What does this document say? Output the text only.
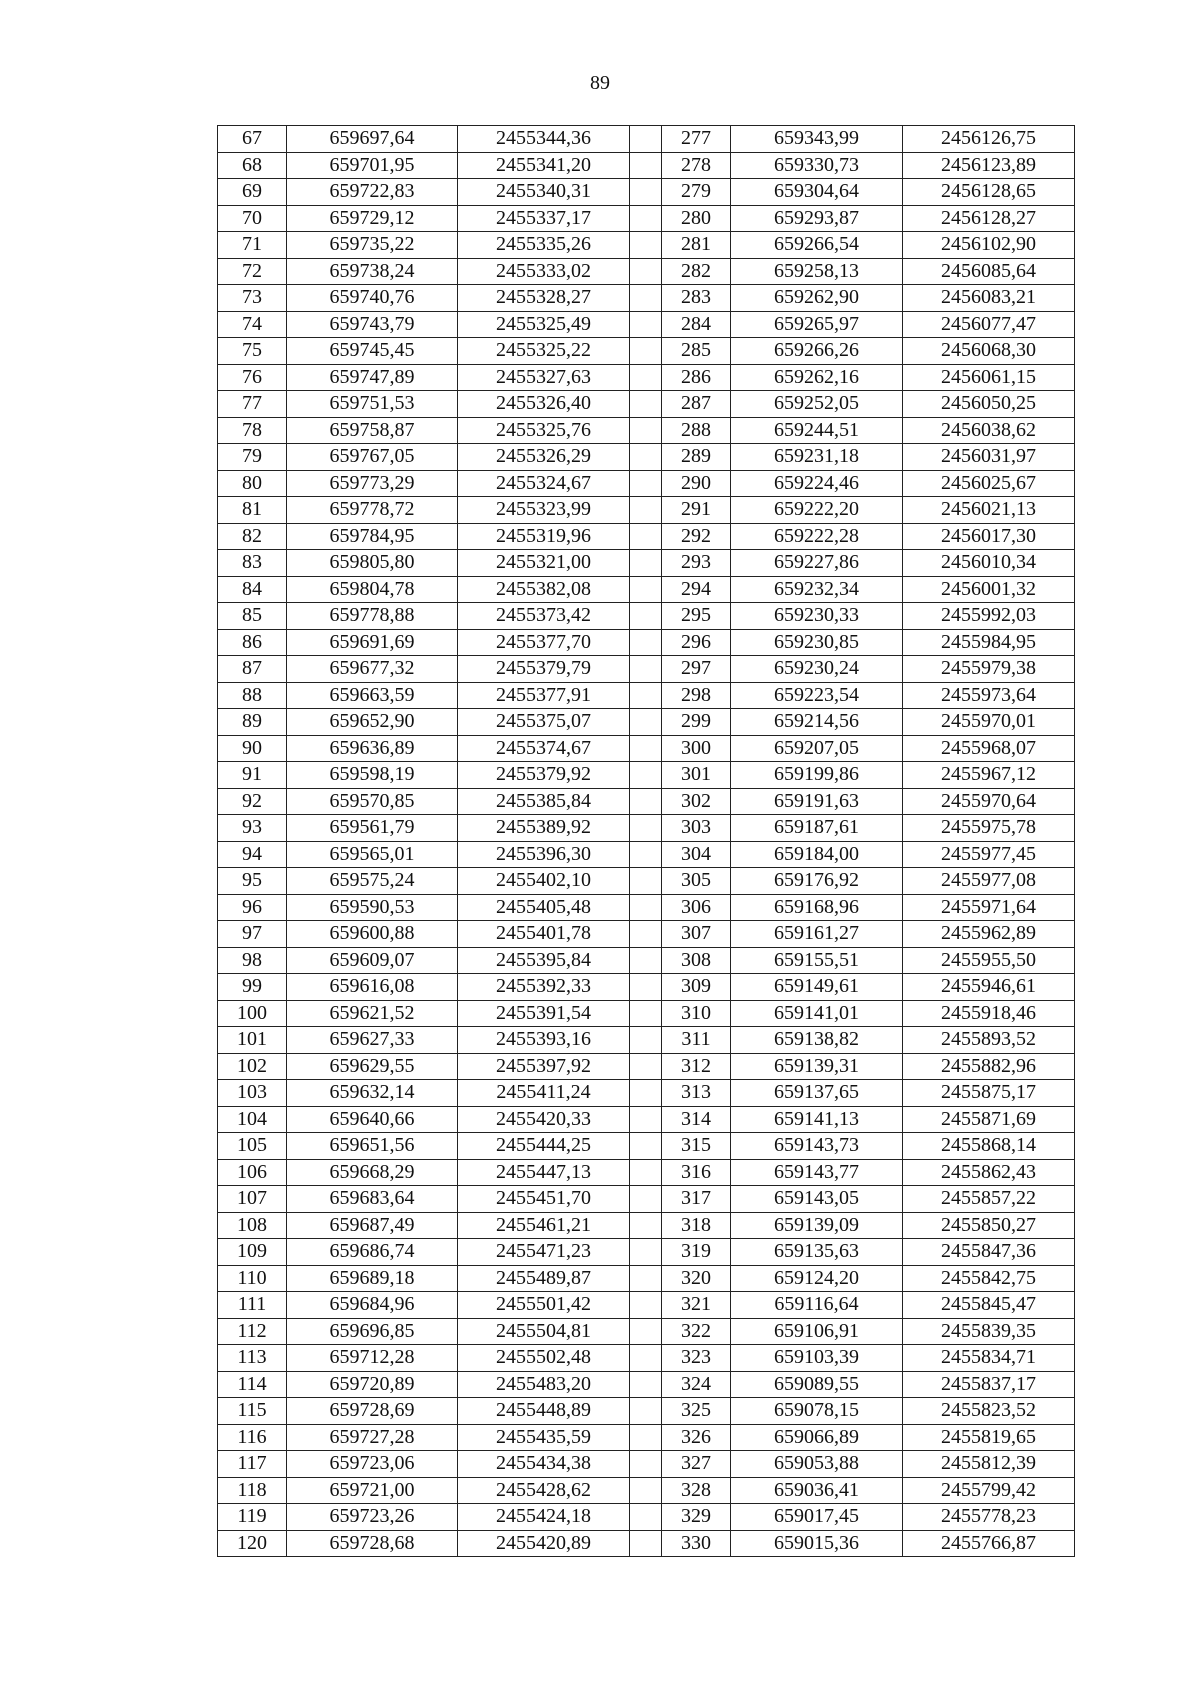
89
67	659697,64	2455344,36		277	659343,99	2456126,75
68	659701,95	2455341,20		278	659330,73	2456123,89
69	659722,83	2455340,31		279	659304,64	2456128,65
70	659729,12	2455337,17		280	659293,87	2456128,27
71	659735,22	2455335,26		281	659266,54	2456102,90
72	659738,24	2455333,02		282	659258,13	2456085,64
73	659740,76	2455328,27		283	659262,90	2456083,21
74	659743,79	2455325,49		284	659265,97	2456077,47
75	659745,45	2455325,22		285	659266,26	2456068,30
76	659747,89	2455327,63		286	659262,16	2456061,15
77	659751,53	2455326,40		287	659252,05	2456050,25
78	659758,87	2455325,76		288	659244,51	2456038,62
79	659767,05	2455326,29		289	659231,18	2456031,97
80	659773,29	2455324,67		290	659224,46	2456025,67
81	659778,72	2455323,99		291	659222,20	2456021,13
82	659784,95	2455319,96		292	659222,28	2456017,30
83	659805,80	2455321,00		293	659227,86	2456010,34
84	659804,78	2455382,08		294	659232,34	2456001,32
85	659778,88	2455373,42		295	659230,33	2455992,03
86	659691,69	2455377,70		296	659230,85	2455984,95
87	659677,32	2455379,79		297	659230,24	2455979,38
88	659663,59	2455377,91		298	659223,54	2455973,64
89	659652,90	2455375,07		299	659214,56	2455970,01
90	659636,89	2455374,67		300	659207,05	2455968,07
91	659598,19	2455379,92		301	659199,86	2455967,12
92	659570,85	2455385,84		302	659191,63	2455970,64
93	659561,79	2455389,92		303	659187,61	2455975,78
94	659565,01	2455396,30		304	659184,00	2455977,45
95	659575,24	2455402,10		305	659176,92	2455977,08
96	659590,53	2455405,48		306	659168,96	2455971,64
97	659600,88	2455401,78		307	659161,27	2455962,89
98	659609,07	2455395,84		308	659155,51	2455955,50
99	659616,08	2455392,33		309	659149,61	2455946,61
100	659621,52	2455391,54		310	659141,01	2455918,46
101	659627,33	2455393,16		311	659138,82	2455893,52
102	659629,55	2455397,92		312	659139,31	2455882,96
103	659632,14	2455411,24		313	659137,65	2455875,17
104	659640,66	2455420,33		314	659141,13	2455871,69
105	659651,56	2455444,25		315	659143,73	2455868,14
106	659668,29	2455447,13		316	659143,77	2455862,43
107	659683,64	2455451,70		317	659143,05	2455857,22
108	659687,49	2455461,21		318	659139,09	2455850,27
109	659686,74	2455471,23		319	659135,63	2455847,36
110	659689,18	2455489,87		320	659124,20	2455842,75
111	659684,96	2455501,42		321	659116,64	2455845,47
112	659696,85	2455504,81		322	659106,91	2455839,35
113	659712,28	2455502,48		323	659103,39	2455834,71
114	659720,89	2455483,20		324	659089,55	2455837,17
115	659728,69	2455448,89		325	659078,15	2455823,52
116	659727,28	2455435,59		326	659066,89	2455819,65
117	659723,06	2455434,38		327	659053,88	2455812,39
118	659721,00	2455428,62		328	659036,41	2455799,42
119	659723,26	2455424,18		329	659017,45	2455778,23
120	659728,68	2455420,89		330	659015,36	2455766,87
